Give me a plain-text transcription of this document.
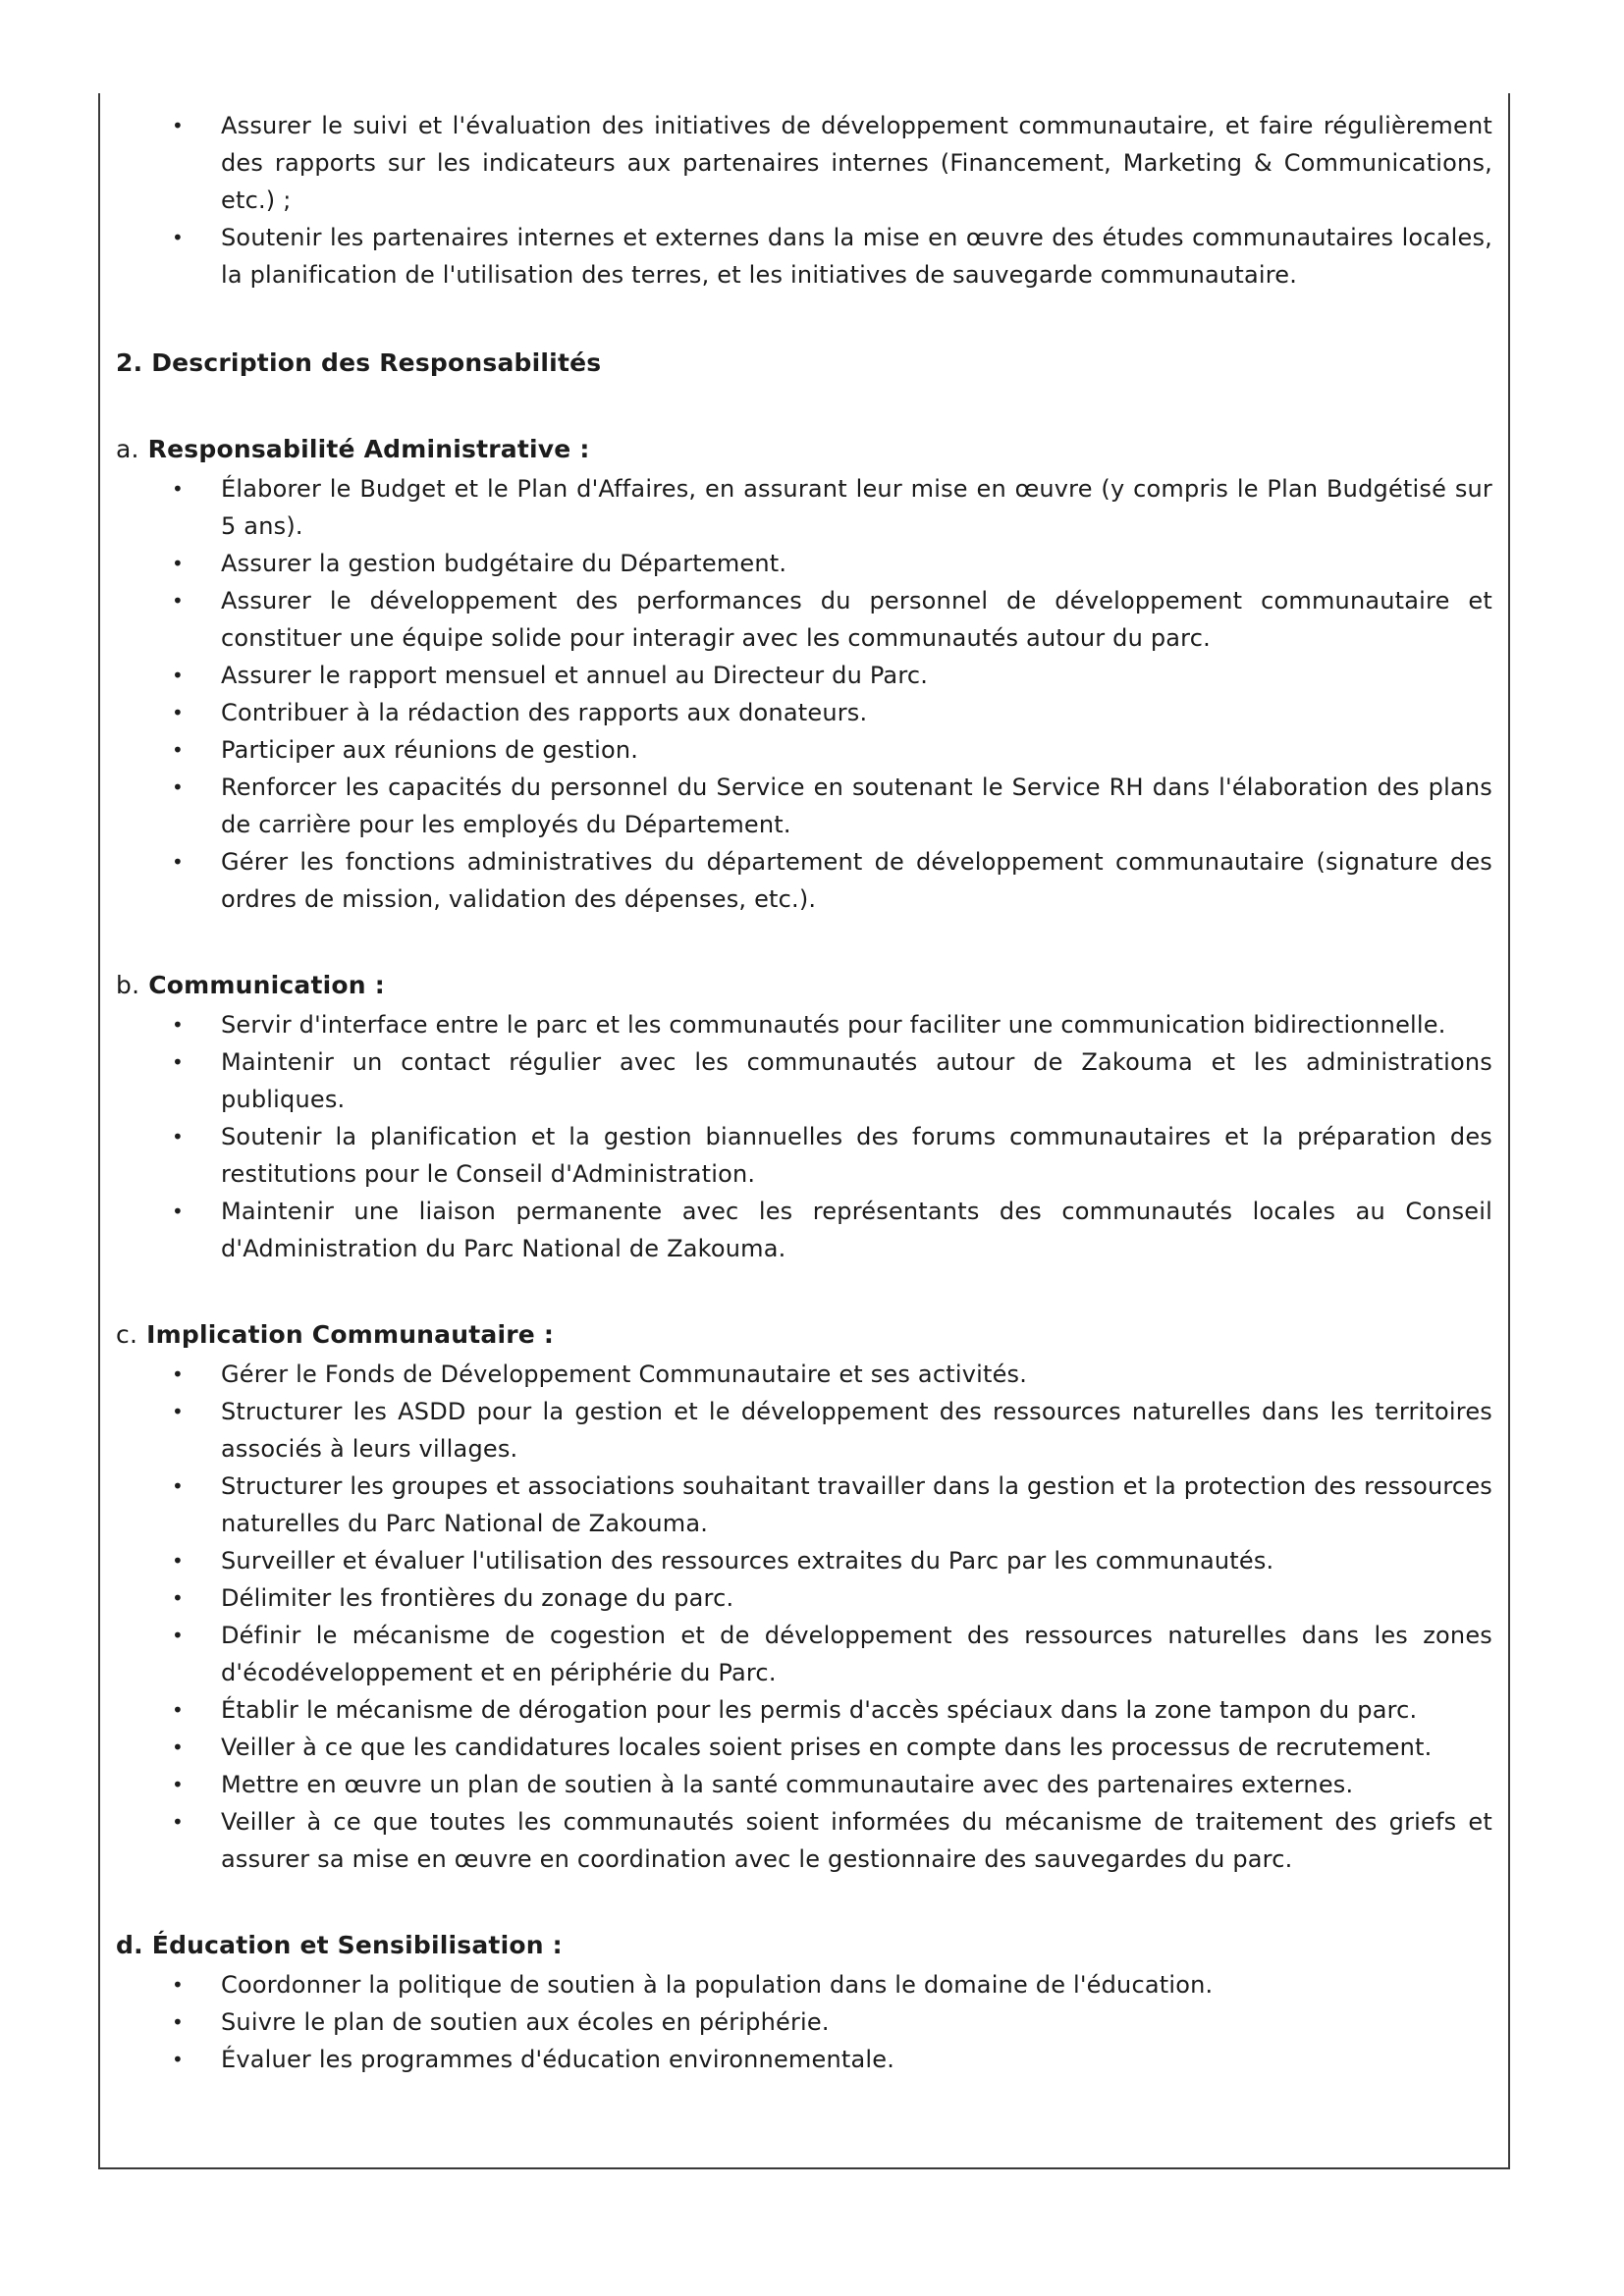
•	Assurer le suivi et l'évaluation des initiatives de développement communautaire, et faire régulièrement des rapports sur les indicateurs aux partenaires internes (Financement, Marketing & Communications, etc.) ;
•	Soutenir les partenaires internes et externes dans la mise en œuvre des études communautaires locales, la planification de l'utilisation des terres, et les initiatives de sauvegarde communautaire.
2. Description des Responsabilités
a. Responsabilité Administrative :
•	Élaborer le Budget et le Plan d'Affaires, en assurant leur mise en œuvre (y compris le Plan Budgétisé sur 5 ans).
•	Assurer la gestion budgétaire du Département.
•	Assurer le développement des performances du personnel de développement communautaire et constituer une équipe solide pour interagir avec les communautés autour du parc.
•	Assurer le rapport mensuel et annuel au Directeur du Parc.
•	Contribuer à la rédaction des rapports aux donateurs.
•	Participer aux réunions de gestion.
•	Renforcer les capacités du personnel du Service en soutenant le Service RH dans l'élaboration des plans de carrière pour les employés du Département.
•	Gérer les fonctions administratives du département de développement communautaire (signature des ordres de mission, validation des dépenses, etc.).
b. Communication :
•	Servir d'interface entre le parc et les communautés pour faciliter une communication bidirectionnelle.
•	Maintenir un contact régulier avec les communautés autour de Zakouma et les administrations publiques.
•	Soutenir la planification et la gestion biannuelles des forums communautaires et la préparation des restitutions pour le Conseil d'Administration.
•	Maintenir une liaison permanente avec les représentants des communautés locales au Conseil d'Administration du Parc National de Zakouma.
c. Implication Communautaire :
•	Gérer le Fonds de Développement Communautaire et ses activités.
•	Structurer les ASDD pour la gestion et le développement des ressources naturelles dans les territoires associés à leurs villages.
•	Structurer les groupes et associations souhaitant travailler dans la gestion et la protection des ressources naturelles du Parc National de Zakouma.
•	Surveiller et évaluer l'utilisation des ressources extraites du Parc par les communautés.
•	Délimiter les frontières du zonage du parc.
•	Définir le mécanisme de cogestion et de développement des ressources naturelles dans les zones d'écodéveloppement et en périphérie du Parc.
•	Établir le mécanisme de dérogation pour les permis d'accès spéciaux dans la zone tampon du parc.
•	Veiller à ce que les candidatures locales soient prises en compte dans les processus de recrutement.
•	Mettre en œuvre un plan de soutien à la santé communautaire avec des partenaires externes.
•	Veiller à ce que toutes les communautés soient informées du mécanisme de traitement des griefs et assurer sa mise en œuvre en coordination avec le gestionnaire des sauvegardes du parc.
d. Éducation et Sensibilisation :
•	Coordonner la politique de soutien à la population dans le domaine de l'éducation.
•	Suivre le plan de soutien aux écoles en périphérie.
•	Évaluer les programmes d'éducation environnementale.
